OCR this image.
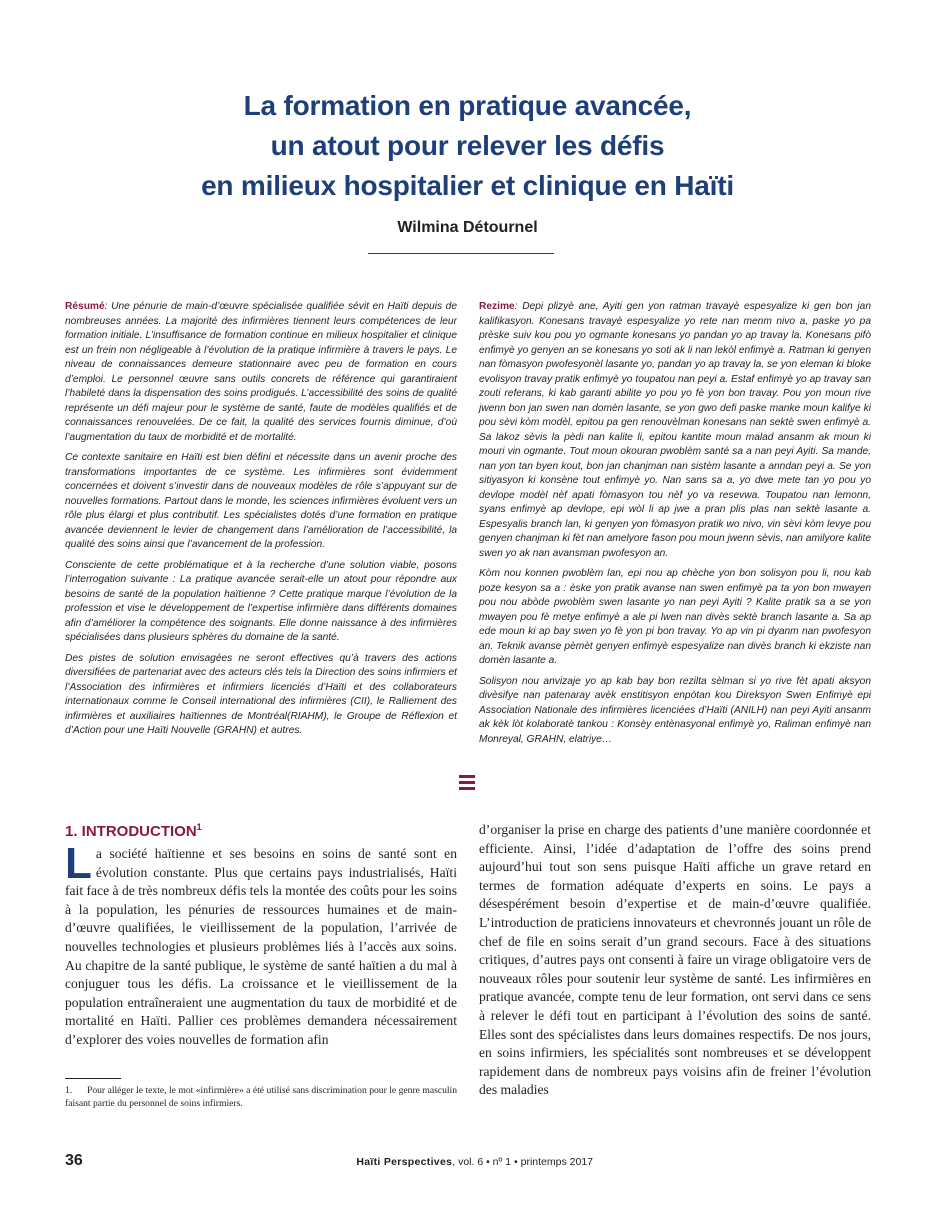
La formation en pratique avancée,
un atout pour relever les défis
en milieux hospitalier et clinique en Haïti
Wilmina Détournel

Résumé: Une pénurie de main-d’œuvre spécialisée qualifiée sévit en Haïti depuis de nombreuses années. La majorité des infirmières tiennent leurs compétences de leur formation initiale. L’insuffisance de formation continue en milieux hospitalier et clinique est un frein non négligeable à l’évolution de la pratique infirmière à travers le pays. Le niveau de connaissances demeure stationnaire avec peu de formation en cours d’emploi. Le personnel œuvre sans outils concrets de référence qui garantiraient l’habileté dans la dispensation des soins prodigués. L’accessibilité des soins de qualité représente un défi majeur pour le système de santé, faute de modèles qualifiés et de connaissances renouvelées. De ce fait, la qualité des services fournis diminue, d’où l’augmentation du taux de morbidité et de mortalité.

Ce contexte sanitaire en Haïti est bien défini et nécessite dans un avenir proche des transformations importantes de ce système. Les infirmières sont évidemment concernées et doivent s’investir dans de nouveaux modèles de rôle s’appuyant sur de nouvelles formations. Partout dans le monde, les sciences infirmières évoluent vers un rôle plus élargi et plus contributif. Les spécialistes dotés d’une formation en pratique avancée deviennent le levier de changement dans l’amélioration de l’accessibilité, la qualité des soins ainsi que l’avancement de la profession.

Consciente de cette problématique et à la recherche d’une solution viable, posons l’interrogation suivante : La pratique avancée serait-elle un atout pour répondre aux besoins de santé de la population haïtienne ? Cette pratique marque l’évolution de la profession et vise le développement de l’expertise infirmière dans différents domaines afin d’améliorer la compétence des soignants. Elle donne naissance à des infirmières spécialisées dans plusieurs sphères du domaine de la santé.

Des pistes de solution envisagées ne seront effectives qu’à travers des actions diversifiées de partenariat avec des acteurs clés tels la Direction des soins infirmiers et l’Association des infirmières et infirmiers licenciés d’Haïti et des collaborateurs internationaux comme le Conseil international des infirmières (CII), le Ralliement des infirmières et auxiliaires haïtiennes de Montréal(RIAHM), le Groupe de Réflexion et d’Action pour une Haïti Nouvelle (GRAHN) et autres.

Rezime: Depi plizyè ane, Ayiti gen yon ratman travayè espesyalize ki gen bon jan kalifikasyon. Konesans travayè espesyalize yo rete nan menm nivo a, paske yo pa prèske suiv kou pou yo ogmante konesans yo pandan yo ap travay la. Konesans pifò enfimyè yo genyen an se konesans yo soti ak li nan lekòl enfimyè a. Ratman ki genyen nan fòmasyon pwofesyonèl lasante yo, pandan yo ap travay la, se yon eleman ki bloke evolisyon travay pratik enfimyè yo toupatou nan peyi a. Estaf enfimyè yo ap travay san zouti referans, ki kab garanti abilite yo pou yo fè yon bon travay. Pou yon moun rive jwenn bon jan swen nan domèn lasante, se yon gwo defi paske manke moun kalifye ki pou sèvi kòm modèl, epitou pa gen renouvèlman konesans nan sektè swen enfimyè a. Sa lakoz sèvis la pèdi nan kalite li, epitou kantite moun malad ansanm ak moun ki mouri vin ogmante. Tout moun okouran pwoblèm santé sa a nan peyi Ayiti. Sa mande, nan yon tan byen kout, bon jan chanjman nan sistèm lasante a anndan peyi a. Se yon sitiyasyon ki konsène tout enfimyè yo. Nan sans sa a, yo dwe mete tan yo pou yo devlope modèl nèf apati fòmasyon tou nèf yo va resevwa. Toupatou nan lemonn, syans enfimyè ap devlope, epi wòl li ap jwe a pran plis plas nan sektè lasante a. Espesyalis branch lan, ki genyen yon fòmasyon pratik wo nivo, vin sèvi kòm levye pou genyen chanjman ki fèt nan amelyore fason pou moun jwenn sèvis, nan amilyore kalite swen yo ak nan avansman pwofesyon an.

Kòm nou konnen pwoblèm lan, epi nou ap chèche yon bon solisyon pou li, nou kab poze kesyon sa a : èske yon pratik avanse nan swen enfimyè pa ta yon bon mwayen pou nou abòde pwoblèm swen lasante yo nan peyi Ayiti ? Kalite pratik sa a se yon mwayen pou fè metye enfimyè a ale pi lwen nan divès sektè branch lasante a. Sa ap ede moun ki ap bay swen yo fè yon pi bon travay. Yo ap vin pi dyanm nan pwofesyon an. Teknik avanse pèmèt genyen enfimyè espesyalize nan divès branch ki ekziste nan domèn lasante a.

Solisyon nou anvizaje yo ap kab bay bon rezilta sèlman si yo rive fèt apati aksyon divèsifye nan patenaray avèk enstitisyon enpòtan kou Direksyon Swen Enfimyè epi Association Nationale des infirmières licenciées d’Haïti (ANILH) nan peyi Ayiti ansanm ak kèk lòt kolaboratè tankou : Konsèy entènasyonal enfimyè yo, Raliman enfimyè nan Monreyal, GRAHN, elatriye…

1. INTRODUCTION$^1$

La société haïtienne et ses besoins en soins de santé sont en évolution constante. Plus que certains pays industrialisés, Haïti fait face à de très nombreux défis tels la montée des coûts pour les soins à la population, les pénuries de ressources humaines et de main-d’œuvre qualifiées, le vieillissement de la population, l’arrivée de nouvelles technologies et plusieurs problèmes liés à l’accès aux soins. Au chapitre de la santé publique, le système de santé haïtien a du mal à conjuguer tous les défis. La croissance et le vieillissement de la population entraîneraient une augmentation du taux de morbidité et de mortalité en Haïti. Pallier ces problèmes demandera nécessairement d’explorer des voies nouvelles de formation afin

d’organiser la prise en charge des patients d’une manière coordonnée et efficiente. Ainsi, l’idée d’adaptation de l’offre des soins prend aujourd’hui tout son sens puisque Haïti affiche un grave retard en termes de formation adéquate d’experts en soins. Le pays a désespérément besoin d’expertise et de main-d’œuvre qualifiée. L’introduction de praticiens innovateurs et chevronnés jouant un rôle de chef de file en soins serait d’un grand secours. Face à des situations critiques, d’autres pays ont consenti à faire un virage obligatoire vers de nouveaux rôles pour soutenir leur système de santé. Les infirmières en pratique avancée, compte tenu de leur formation, ont servi dans ce sens à relever le défi tout en participant à l’évolution des soins de santé. Elles sont des spécialistes dans leurs domaines respectifs. De nos jours, en soins infirmiers, les spécialités sont nombreuses et se développent rapidement dans de nombreux pays voisins afin de freiner l’évolution des maladies

1. Pour alléger le texte, le mot «infirmière» a été utilisé sans discrimination pour le genre masculin faisant partie du personnel de soins infirmiers.
36	Haïti Perspectives, vol. 6 • nº 1 • printemps 2017
